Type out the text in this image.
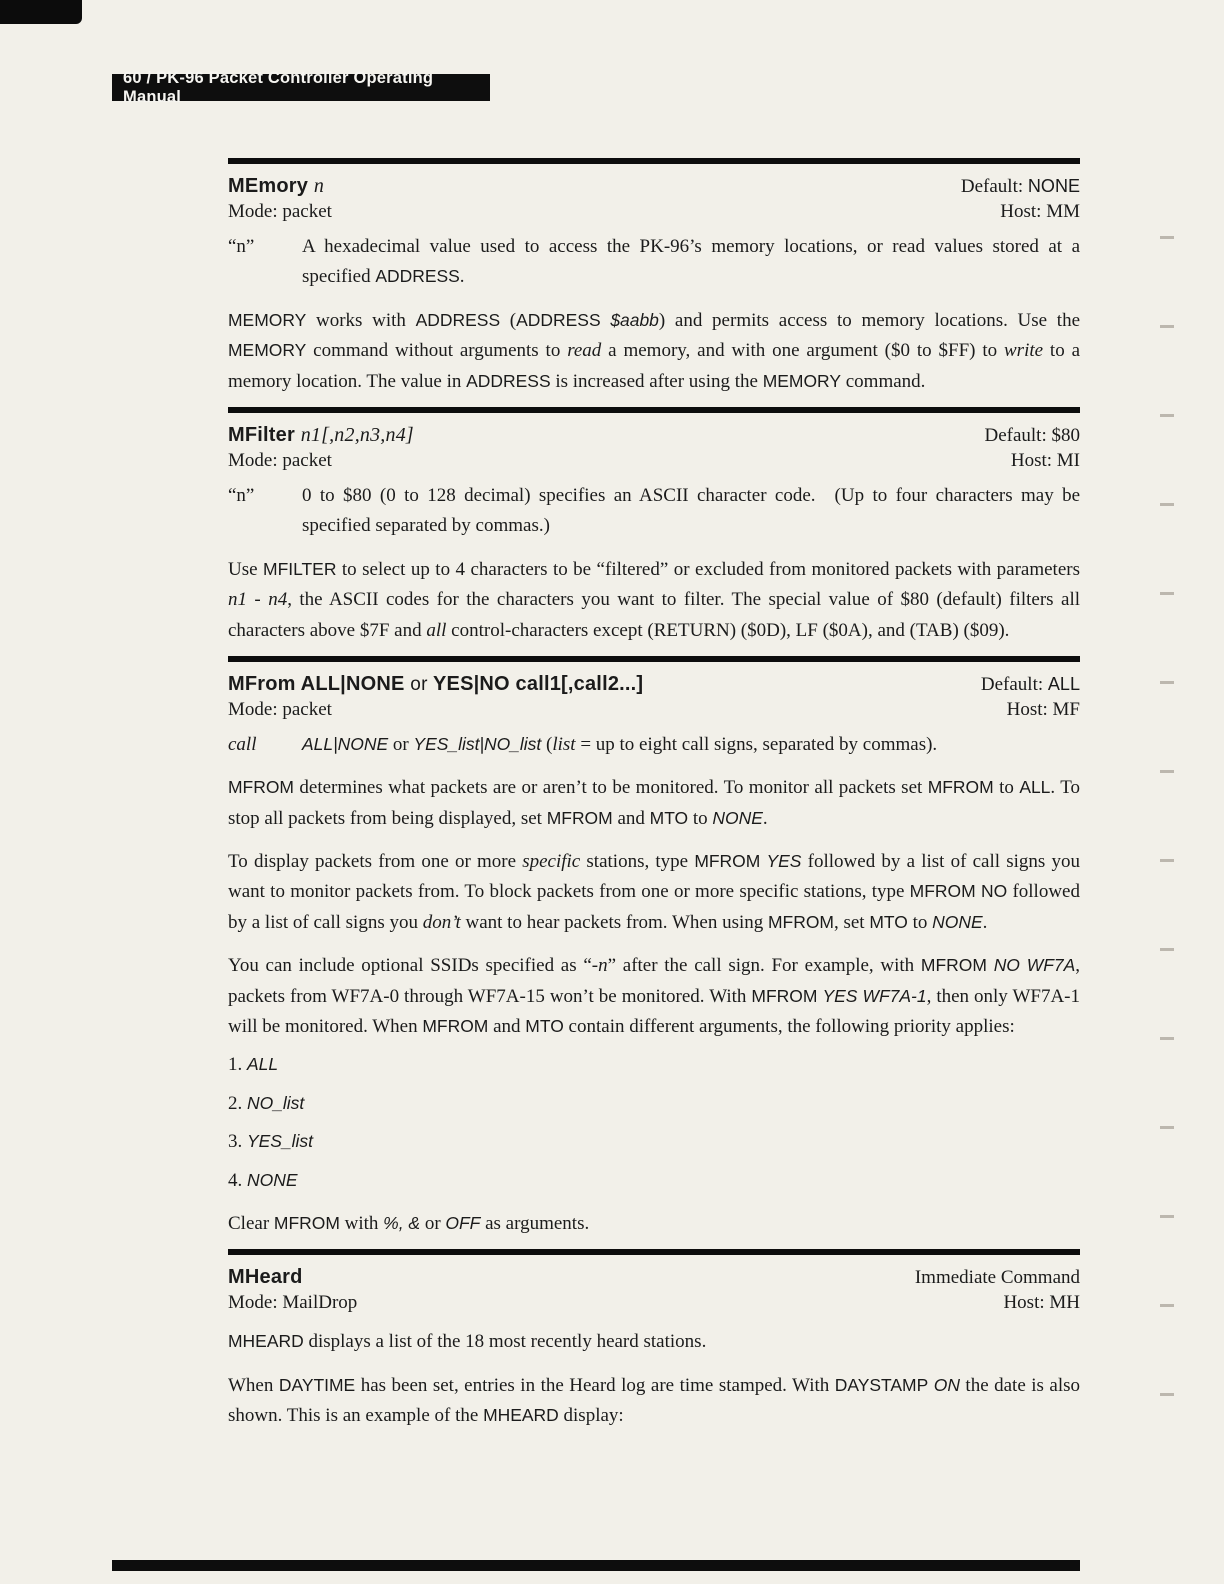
60 / PK-96 Packet Controller Operating Manual
MEmory n	Default: NONE
Mode: packet	Host: MM
“n”	A hexadecimal value used to access the PK-96’s memory locations, or read values stored at a specified ADDRESS.
MEMORY works with ADDRESS (ADDRESS $aabb) and permits access to memory locations. Use the MEMORY command without arguments to read a memory, and with one argument ($0 to $FF) to write to a memory location. The value in ADDRESS is increased after using the MEMORY command.
MFilter n1[,n2,n3,n4]	Default: $80
Mode: packet	Host: MI
“n”	0 to $80 (0 to 128 decimal) specifies an ASCII character code.  (Up to four characters may be specified separated by commas.)
Use MFILTER to select up to 4 characters to be “filtered” or excluded from monitored packets with parameters n1 - n4, the ASCII codes for the characters you want to filter. The special value of $80 (default) filters all characters above $7F and all control-characters except (RETURN) ($0D), LF ($0A), and (TAB) ($09).
MFrom ALL|NONE or YES|NO call1[,call2...]	Default: ALL
Mode: packet	Host: MF
call	ALL|NONE or YES_list|NO_list (list = up to eight call signs, separated by commas).
MFROM determines what packets are or aren’t to be monitored. To monitor all packets set MFROM to ALL. To stop all packets from being displayed, set MFROM and MTO to NONE.
To display packets from one or more specific stations, type MFROM YES followed by a list of call signs you want to monitor packets from. To block packets from one or more specific stations, type MFROM NO followed by a list of call signs you don’t want to hear packets from. When using MFROM, set MTO to NONE.
You can include optional SSIDs specified as “-n” after the call sign. For example, with MFROM NO WF7A, packets from WF7A-0 through WF7A-15 won’t be monitored. With MFROM YES WF7A-1, then only WF7A-1 will be monitored. When MFROM and MTO contain different arguments, the following priority applies:
1. ALL
2. NO_list
3. YES_list
4. NONE
Clear MFROM with %, & or OFF as arguments.
MHeard	Immediate Command
Mode: MailDrop	Host: MH
MHEARD displays a list of the 18 most recently heard stations.
When DAYTIME has been set, entries in the Heard log are time stamped. With DAYSTAMP ON the date is also shown. This is an example of the MHEARD display:
